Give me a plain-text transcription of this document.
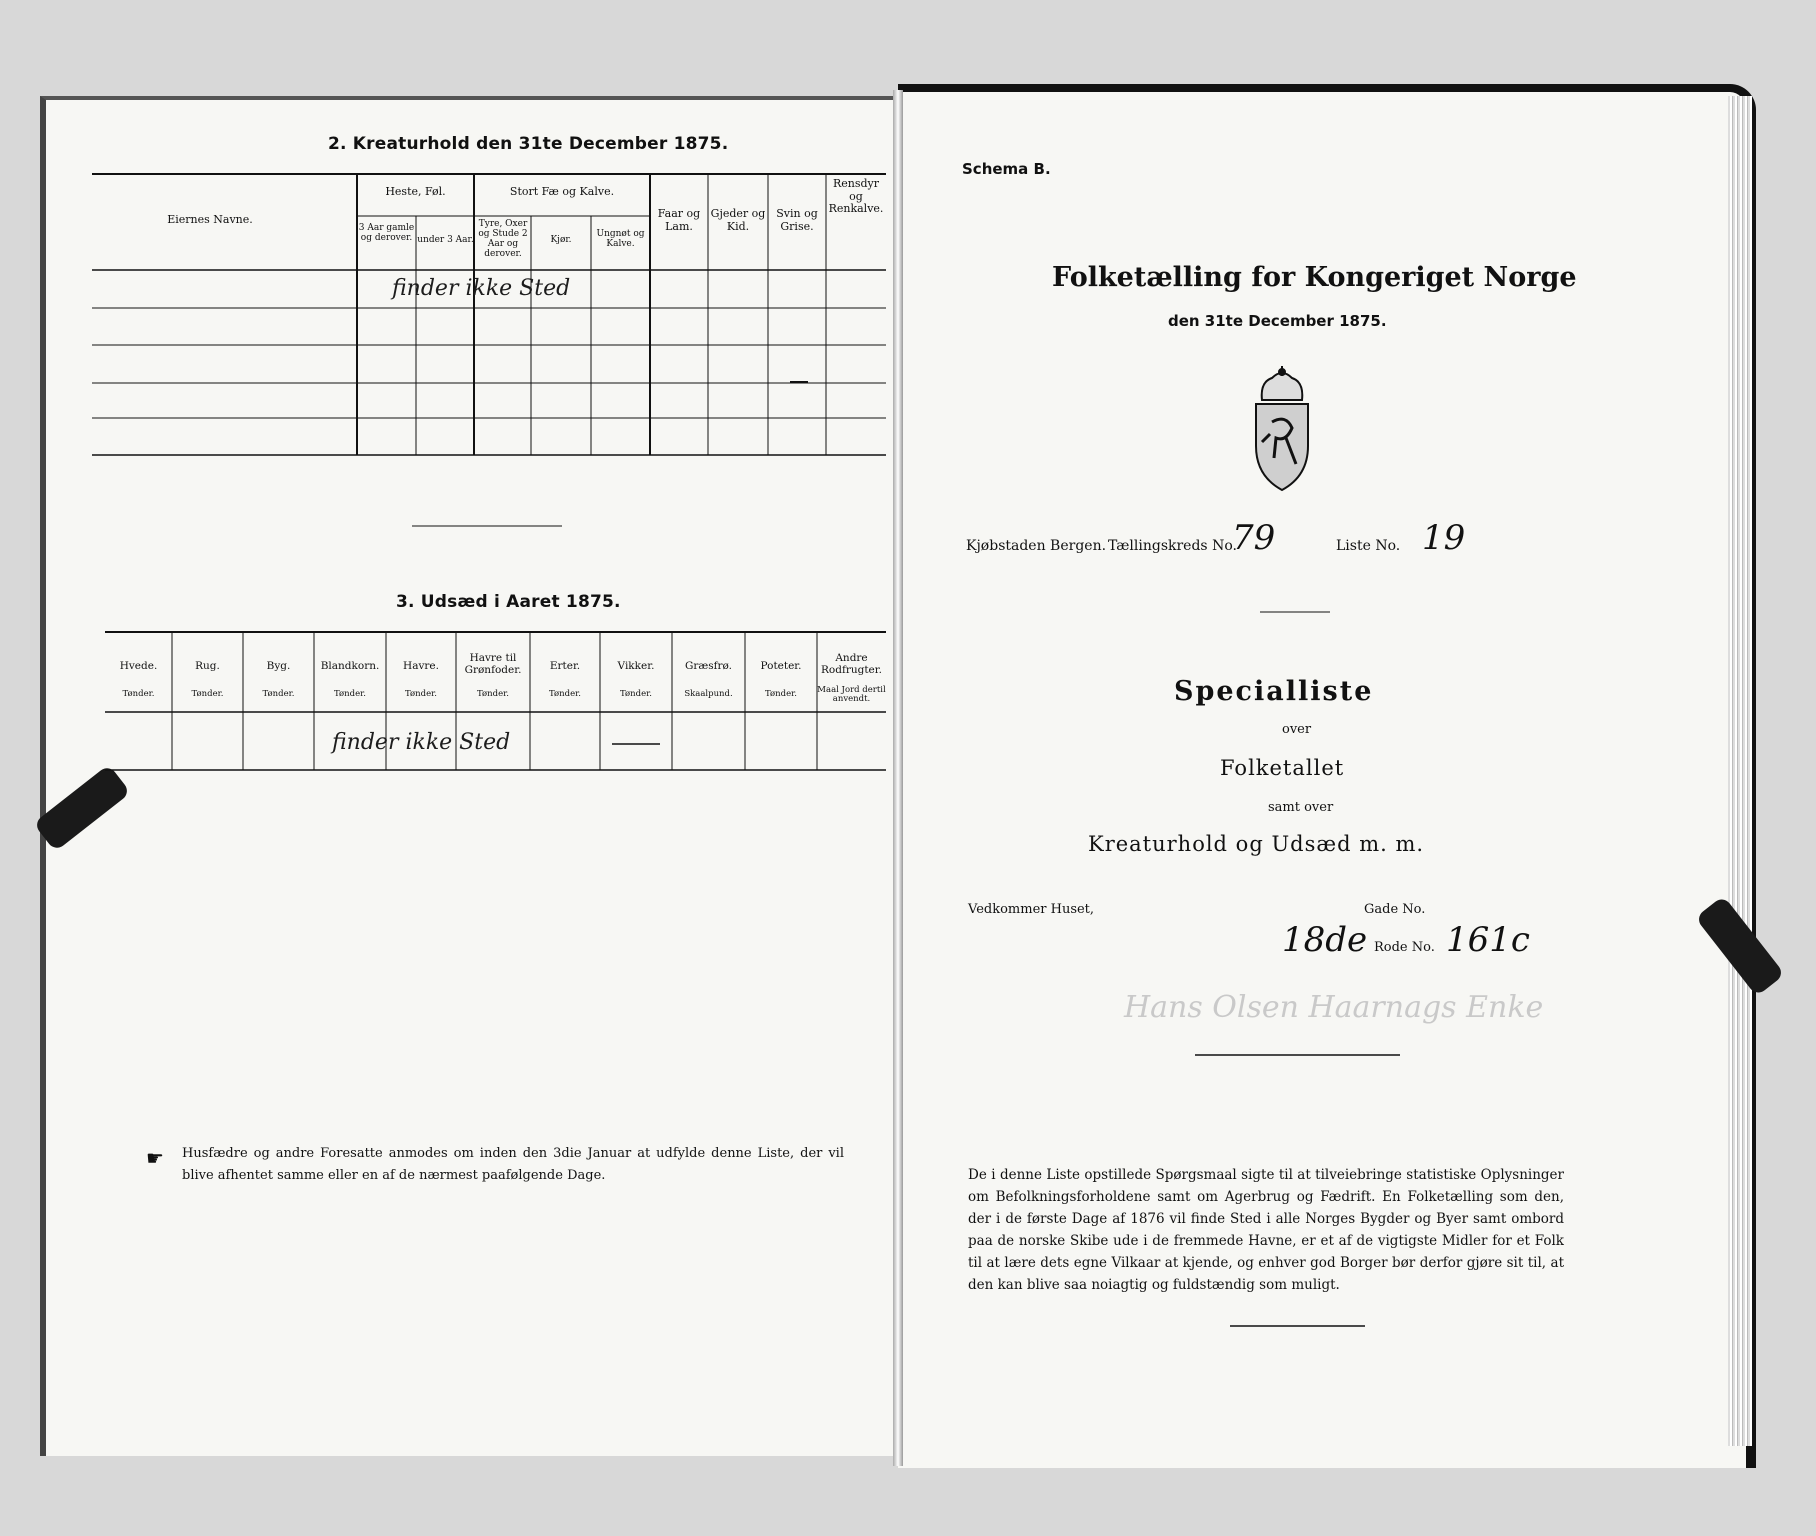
2. Kreaturhold den 31te December 1875.
Eiernes Navne.
Heste, Føl.
3 Aar gamle og derover. under 3 Aar.
Stort Fæ og Kalve.
Tyre, Oxer og Stude 2 Aar og derover.
Kjør.
Ungnøt og Kalve.
Faar og Lam.
Gjeder og Kid.
Svin og Grise.
Rensdyr og Renkalve.
finder ikke Sted
3. Udsæd i Aaret 1875.
Hvede.
Tønder.
Rug.
Tønder.
Byg.
Tønder.
Blandkorn.
Tønder.
Havre.
Tønder.
Havre til Grønfoder.
Tønder.
Erter.
Tønder.
Vikker.
Tønder.
Græsfrø.
Skaalpund.
Poteter.
Tønder.
Andre Rodfrugter.
Maal Jord dertil anvendt.
finder ikke Sted
☛ Husfædre og andre Foresatte anmodes om inden den 3die Januar at udfylde denne Liste, der vil blive afhentet samme eller en af de nærmest paafølgende Dage.
Schema B.
Folketælling for Kongeriget Norge
den 31te December 1875.
Kjøbstaden Bergen. Tællingskreds No.
79	Liste No. 19
Specialliste
over
Folketallet
samt over
Kreaturhold og Udsæd m. m.
Vedkommer Huset,	Gade No.
18de Rode No. 161c
Hans Olsen Haarnags Enke
De i denne Liste opstillede Spørgsmaal sigte til at tilveiebringe statistiske Oplysninger om Befolkningsforholdene samt om Agerbrug og Fædrift. En Folketælling som den, der i de første Dage af 1876 vil finde Sted i alle Norges Bygder og Byer samt ombord paa de norske Skibe ude i de fremmede Havne, er et af de vigtigste Midler for et Folk til at lære dets egne Vilkaar at kjende, og enhver god Borger bør derfor gjøre sit til, at den kan blive saa noiagtig og fuldstændig som muligt.
